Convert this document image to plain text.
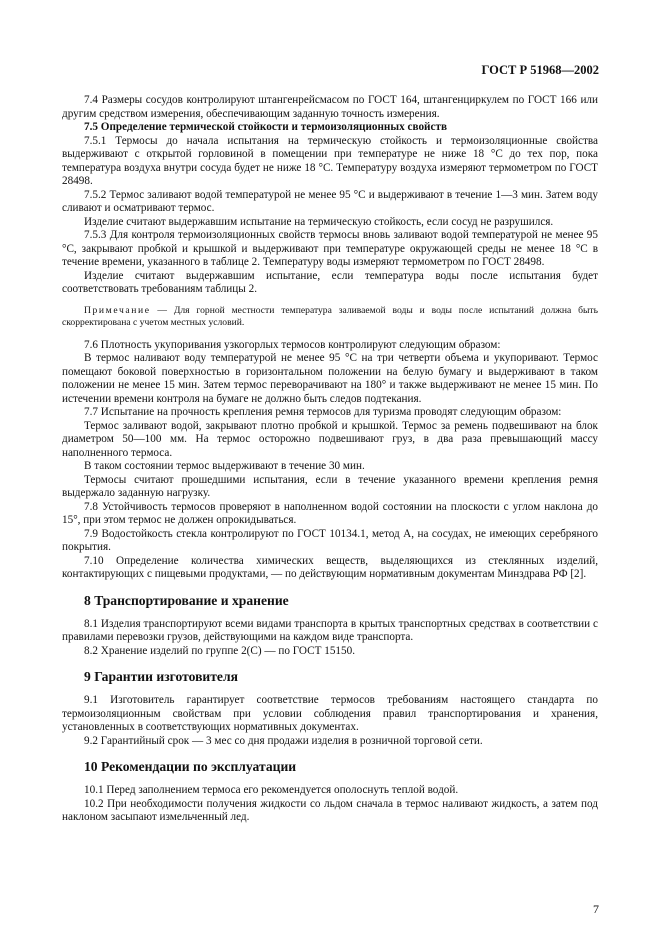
ГОСТ Р 51968—2002

7.4 Размеры сосудов контролируют штангенрейсмасом по ГОСТ 164, штангенциркулем по ГОСТ 166 или другим средством измерения, обеспечивающим заданную точность измерения.

7.5 Определение термической стойкости и термоизоляционных свойств

7.5.1 Термосы до начала испытания на термическую стойкость и термоизоляционные свойства выдерживают с открытой горловиной в помещении при температуре не ниже 18 °С до тех пор, пока температура воздуха внутри сосуда будет не ниже 18 °С. Температуру воздуха измеряют термометром по ГОСТ 28498.

7.5.2 Термос заливают водой температурой не менее 95 °С и выдерживают в течение 1—3 мин. Затем воду сливают и осматривают термос.

Изделие считают выдержавшим испытание на термическую стойкость, если сосуд не разрушился.

7.5.3 Для контроля термоизоляционных свойств термосы вновь заливают водой температурой не менее 95 °С, закрывают пробкой и крышкой и выдерживают при температуре окружающей среды не менее 18 °С в течение времени, указанного в таблице 2. Температуру воды измеряют термометром по ГОСТ 28498.

Изделие считают выдержавшим испытание, если температура воды после испытания будет соответствовать требованиям таблицы 2.

Примечание — Для горной местности температура заливаемой воды и воды после испытаний должна быть скорректирована с учетом местных условий.

7.6 Плотность укупоривания узкогорлых термосов контролируют следующим образом:

В термос наливают воду температурой не менее 95 °С на три четверти объема и укупоривают. Термос помещают боковой поверхностью в горизонтальном положении на белую бумагу и выдерживают в таком положении не менее 15 мин. Затем термос переворачивают на 180° и также выдерживают не менее 15 мин. По истечении времени контроля на бумаге не должно быть следов подтекания.

7.7 Испытание на прочность крепления ремня термосов для туризма проводят следующим образом:

Термос заливают водой, закрывают плотно пробкой и крышкой. Термос за ремень подвешивают на блок диаметром 50—100 мм. На термос осторожно подвешивают груз, в два раза превышающий массу наполненного термоса.

В таком состоянии термос выдерживают в течение 30 мин.

Термосы считают прошедшими испытания, если в течение указанного времени крепления ремня выдержало заданную нагрузку.

7.8 Устойчивость термосов проверяют в наполненном водой состоянии на плоскости с углом наклона до 15°, при этом термос не должен опрокидываться.

7.9 Водостойкость стекла контролируют по ГОСТ 10134.1, метод А, на сосудах, не имеющих серебряного покрытия.

7.10 Определение количества химических веществ, выделяющихся из стеклянных изделий, контактирующих с пищевыми продуктами, — по действующим нормативным документам Минздрава РФ [2].

8 Транспортирование и хранение

8.1 Изделия транспортируют всеми видами транспорта в крытых транспортных средствах в соответствии с правилами перевозки грузов, действующими на каждом виде транспорта.

8.2 Хранение изделий по группе 2(С) — по ГОСТ 15150.

9 Гарантии изготовителя

9.1 Изготовитель гарантирует соответствие термосов требованиям настоящего стандарта по термоизоляционным свойствам при условии соблюдения правил транспортирования и хранения, установленных в соответствующих нормативных документах.

9.2 Гарантийный срок — 3 мес со дня продажи изделия в розничной торговой сети.

10 Рекомендации по эксплуатации

10.1 Перед заполнением термоса его рекомендуется ополоснуть теплой водой.

10.2 При необходимости получения жидкости со льдом сначала в термос наливают жидкость, а затем под наклоном засыпают измельченный лед.

7
